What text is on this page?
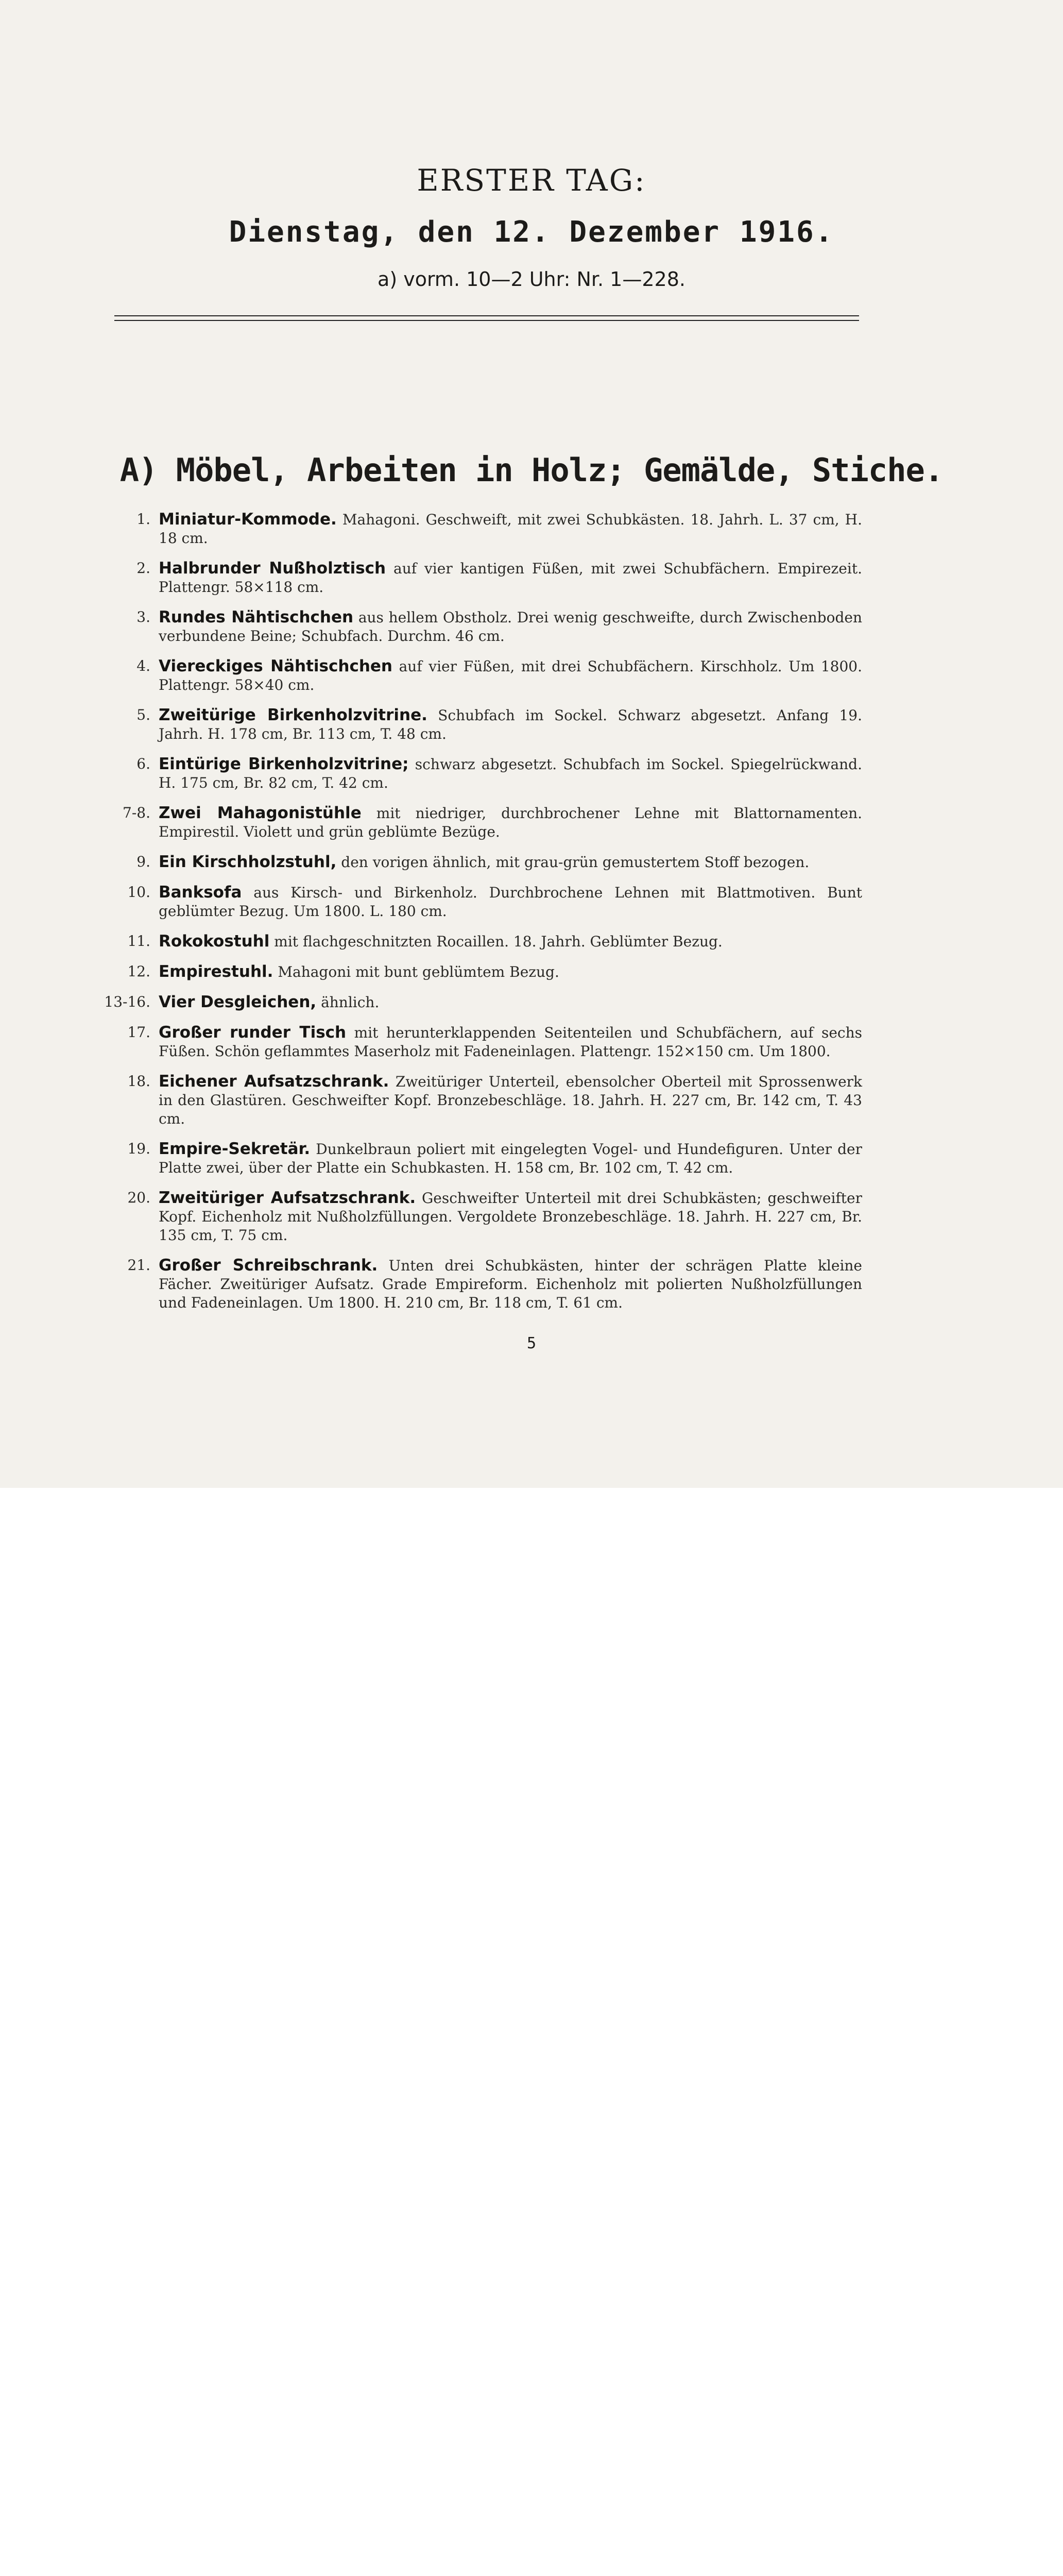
ERSTER TAG:
Dienstag, den 12. Dezember 1916.
a) vorm. 10—2 Uhr: Nr. 1—228.
A) Möbel, Arbeiten in Holz; Gemälde, Stiche.
1. Miniatur-Kommode. Mahagoni. Geschweift, mit zwei Schubkästen. 18. Jahrh. L. 37 cm, H. 18 cm.
2. Halbrunder Nußholztisch auf vier kantigen Füßen, mit zwei Schubfächern. Empirezeit. Plattengr. 58×118 cm.
3. Rundes Nähtischchen aus hellem Obstholz. Drei wenig geschweifte, durch Zwischenboden verbundene Beine; Schubfach. Durchm. 46 cm.
4. Viereckiges Nähtischchen auf vier Füßen, mit drei Schubfächern. Kirschholz. Um 1800. Plattengr. 58×40 cm.
5. Zweitürige Birkenholzvitrine. Schubfach im Sockel. Schwarz abgesetzt. Anfang 19. Jahrh. H. 178 cm, Br. 113 cm, T. 48 cm.
6. Eintürige Birkenholzvitrine; schwarz abgesetzt. Schubfach im Sockel. Spiegelrückwand. H. 175 cm, Br. 82 cm, T. 42 cm.
7-8. Zwei Mahagonistühle mit niedriger, durchbrochener Lehne mit Blattornamenten. Empirestil. Violett und grün geblümte Bezüge.
9. Ein Kirschholzstuhl, den vorigen ähnlich, mit grau-grün gemustertem Stoff bezogen.
10. Banksofa aus Kirsch- und Birkenholz. Durchbrochene Lehnen mit Blattmotiven. Bunt geblümter Bezug. Um 1800. L. 180 cm.
11. Rokokostuhl mit flachgeschnitzten Rocaillen. 18. Jahrh. Geblümter Bezug.
12. Empirestuhl. Mahagoni mit bunt geblümtem Bezug.
13-16. Vier Desgleichen, ähnlich.
17. Großer runder Tisch mit herunterklappenden Seitenteilen und Schubfächern, auf sechs Füßen. Schön geflammtes Maserholz mit Fadeneinlagen. Plattengr. 152×150 cm. Um 1800.
18. Eichener Aufsatzschrank. Zweitüriger Unterteil, ebensolcher Oberteil mit Sprossenwerk in den Glastüren. Geschweifter Kopf. Bronzebeschläge. 18. Jahrh. H. 227 cm, Br. 142 cm, T. 43 cm.
19. Empire-Sekretär. Dunkelbraun poliert mit eingelegten Vogel- und Hundefiguren. Unter der Platte zwei, über der Platte ein Schubkasten. H. 158 cm, Br. 102 cm, T. 42 cm.
20. Zweitüriger Aufsatzschrank. Geschweifter Unterteil mit drei Schubkästen; geschweifter Kopf. Eichenholz mit Nußholzfüllungen. Vergoldete Bronzebeschläge. 18. Jahrh. H. 227 cm, Br. 135 cm, T. 75 cm.
21. Großer Schreibschrank. Unten drei Schubkästen, hinter der schrägen Platte kleine Fächer. Zweitüriger Aufsatz. Grade Empireform. Eichenholz mit polierten Nußholzfüllungen und Fadeneinlagen. Um 1800. H. 210 cm, Br. 118 cm, T. 61 cm.
5
